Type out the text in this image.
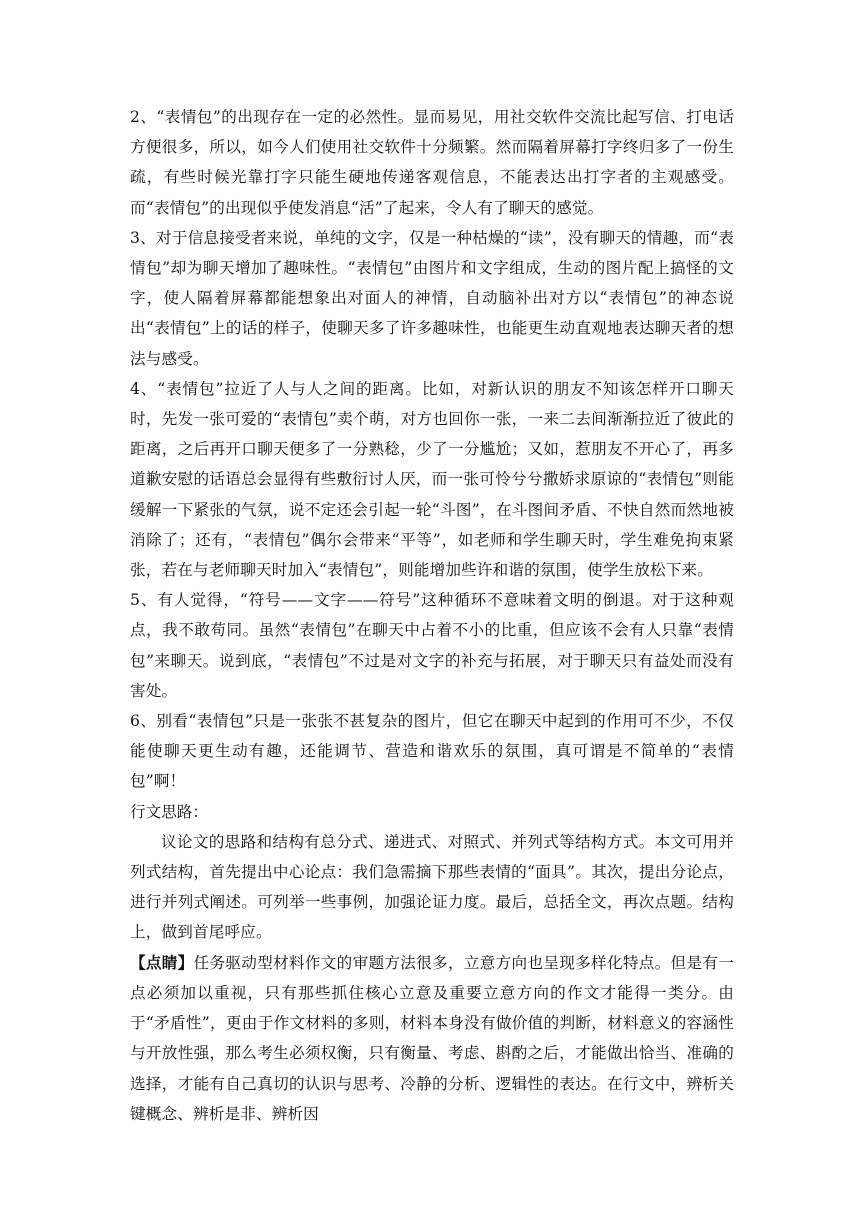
2、“表情包”的出现存在一定的必然性。显而易见，用社交软件交流比起写信、打电话方便很多，所以，如今人们使用社交软件十分频繁。然而隔着屏幕打字终归多了一份生疏，有些时候光靠打字只能生硬地传递客观信息，不能表达出打字者的主观感受。而“表情包”的出现似乎使发消息“活”了起来，令人有了聊天的感觉。

3、对于信息接受者来说，单纯的文字，仅是一种枯燥的“读”，没有聊天的情趣，而“表情包”却为聊天增加了趣味性。“表情包”由图片和文字组成，生动的图片配上搞怪的文字，使人隔着屏幕都能想象出对面人的神情，自动脑补出对方以“表情包”的神态说出“表情包”上的话的样子，使聊天多了许多趣味性，也能更生动直观地表达聊天者的想法与感受。

4、“表情包”拉近了人与人之间的距离。比如，对新认识的朋友不知该怎样开口聊天时，先发一张可爱的“表情包”卖个萌，对方也回你一张，一来二去间渐渐拉近了彼此的距离，之后再开口聊天便多了一分熟稔，少了一分尴尬；又如，惹朋友不开心了，再多道歉安慰的话语总会显得有些敷衍讨人厌，而一张可怜兮兮撒娇求原谅的“表情包”则能缓解一下紧张的气氛，说不定还会引起一轮“斗图”，在斗图间矛盾、不快自然而然地被消除了；还有，“表情包”偶尔会带来“平等”，如老师和学生聊天时，学生难免拘束紧张，若在与老师聊天时加入“表情包”，则能增加些许和谐的氛围，使学生放松下来。

5、有人觉得，“符号——文字——符号”这种循环不意味着文明的倒退。对于这种观点，我不敢苟同。虽然“表情包”在聊天中占着不小的比重，但应该不会有人只靠“表情包”来聊天。说到底，“表情包”不过是对文字的补充与拓展，对于聊天只有益处而没有害处。

6、别看“表情包”只是一张张不甚复杂的图片，但它在聊天中起到的作用可不少，不仅能使聊天更生动有趣，还能调节、营造和谐欢乐的氛围，真可谓是不简单的“表情包”啊！

行文思路：

议论文的思路和结构有总分式、递进式、对照式、并列式等结构方式。本文可用并列式结构，首先提出中心论点：我们急需摘下那些表情的“面具”。其次，提出分论点，进行并列式阐述。可列举一些事例，加强论证力度。最后，总括全文，再次点题。结构上，做到首尾呼应。

【点睛】任务驱动型材料作文的审题方法很多，立意方向也呈现多样化特点。但是有一点必须加以重视，只有那些抓住核心立意及重要立意方向的作文才能得一类分。由于“矛盾性”，更由于作文材料的多则，材料本身没有做价值的判断，材料意义的容涵性与开放性强，那么考生必须权衡，只有衡量、考虑、斟酌之后，才能做出恰当、准确的选择，才能有自己真切的认识与思考、冷静的分析、逻辑性的表达。在行文中，辨析关键概念、辨析是非、辨析因
